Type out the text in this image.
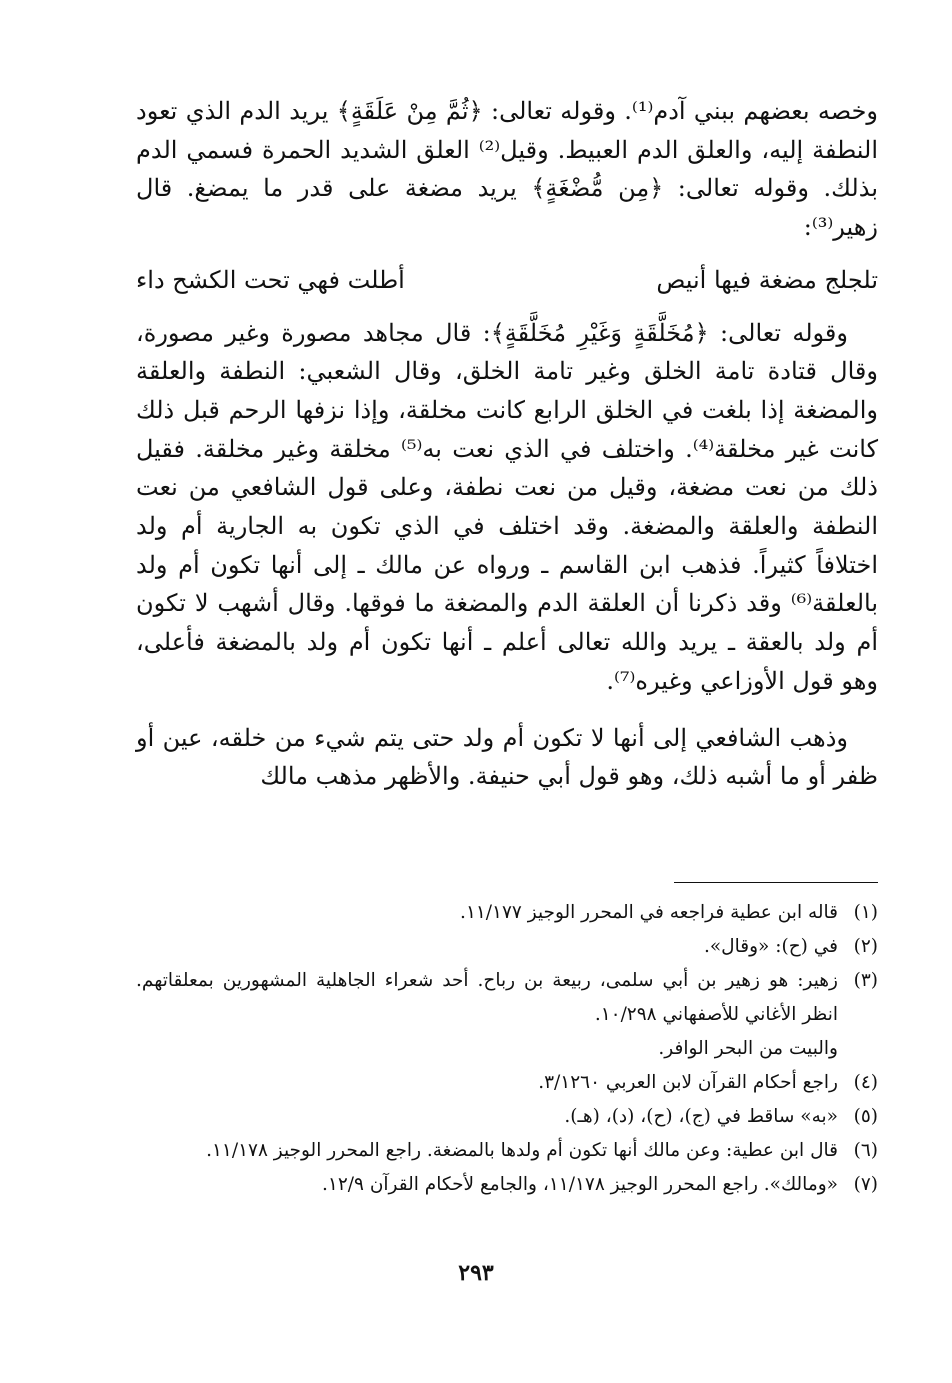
وخصه بعضهم ببني آدم⁽¹⁾. وقوله تعالى: ﴿ثُمَّ مِنْ عَلَقَةٍ﴾ يريد الدم الذي تعود النطفة إليه، والعلق الدم العبيط. وقيل⁽²⁾ العلق الشديد الحمرة فسمي الدم بذلك. وقوله تعالى: ﴿مِن مُّضْغَةٍ﴾ يريد مضغة على قدر ما يمضغ. قال زهير⁽³⁾:

تلجلج مضغة فيها أنيص
أطلت فهي تحت الكشح داء

وقوله تعالى: ﴿مُخَلَّقَةٍ وَغَيْرِ مُخَلَّقَةٍ﴾: قال مجاهد مصورة وغير مصورة، وقال قتادة تامة الخلق وغير تامة الخلق، وقال الشعبي: النطفة والعلقة والمضغة إذا بلغت في الخلق الرابع كانت مخلقة، وإذا نزفها الرحم قبل ذلك كانت غير مخلقة⁽⁴⁾. واختلف في الذي نعت به⁽⁵⁾ مخلقة وغير مخلقة. فقيل ذلك من نعت مضغة، وقيل من نعت نطفة، وعلى قول الشافعي من نعت النطفة والعلقة والمضغة. وقد اختلف في الذي تكون به الجارية أم ولد اختلافاً كثيراً. فذهب ابن القاسم ـ ورواه عن مالك ـ إلى أنها تكون أم ولد بالعلقة⁽⁶⁾ وقد ذكرنا أن العلقة الدم والمضغة ما فوقها. وقال أشهب لا تكون أم ولد بالعقة ـ يريد والله تعالى أعلم ـ أنها تكون أم ولد بالمضغة فأعلى، وهو قول الأوزاعي وغيره⁽⁷⁾.

وذهب الشافعي إلى أنها لا تكون أم ولد حتى يتم شيء من خلقه، عين أو ظفر أو ما أشبه ذلك، وهو قول أبي حنيفة. والأظهر مذهب مالك

(١)
قاله ابن عطية فراجعه في المحرر الوجيز ١١/١٧٧.
(٢)
في (ح): «وقال».
(٣)
زهير: هو زهير بن أبي سلمى، ربيعة بن رباح. أحد شعراء الجاهلية المشهورين بمعلقاتهم. انظر الأغاني للأصفهاني ١٠/٢٩٨.
والبيت من البحر الوافر.
(٤)
راجع أحكام القرآن لابن العربي ٣/١٢٦٠.
(٥)
«به» ساقط في (ج)، (ح)، (د)، (هـ).
(٦)
قال ابن عطية: وعن مالك أنها تكون أم ولدها بالمضغة. راجع المحرر الوجيز ١١/١٧٨.
(٧)
«ومالك». راجع المحرر الوجيز ١١/١٧٨، والجامع لأحكام القرآن ١٢/٩.
٢٩٣
